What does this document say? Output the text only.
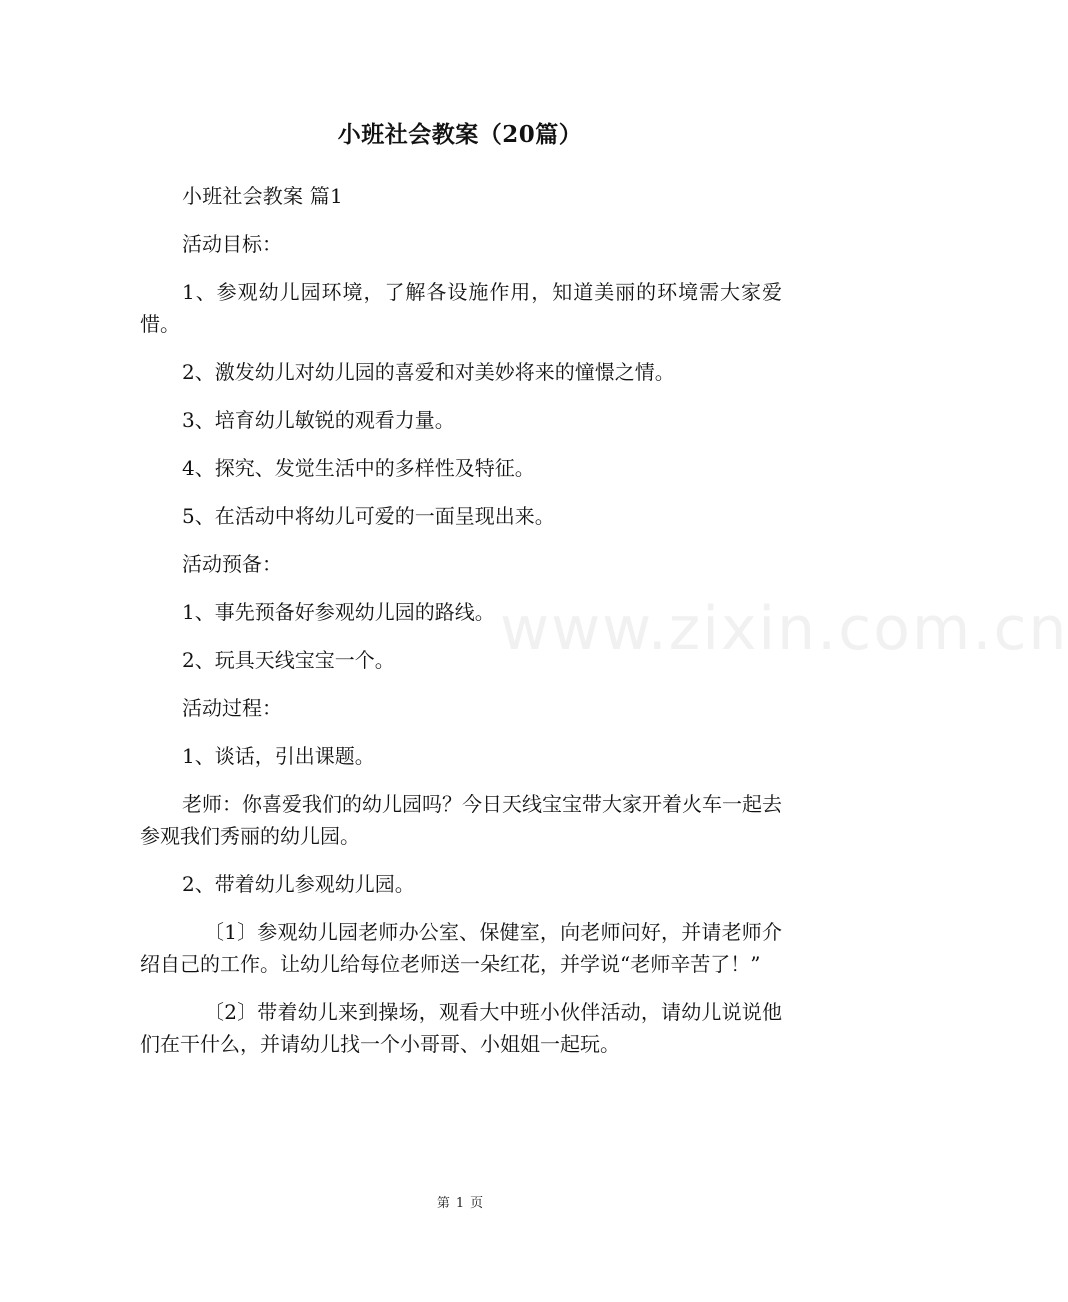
www.zixin.com.cn
小班社会教案（20篇）

小班社会教案 篇1

活动目标：

1、参观幼儿园环境，了解各设施作用，知道美丽的环境需大家爱惜。

2、激发幼儿对幼儿园的喜爱和对美妙将来的憧憬之情。

3、培育幼儿敏锐的观看力量。

4、探究、发觉生活中的多样性及特征。

5、在活动中将幼儿可爱的一面呈现出来。

活动预备：

1、事先预备好参观幼儿园的路线。

2、玩具天线宝宝一个。

活动过程：

1、谈话，引出课题。

老师：你喜爱我们的幼儿园吗？今日天线宝宝带大家开着火车一起去参观我们秀丽的幼儿园。

2、带着幼儿参观幼儿园。

〔1〕参观幼儿园老师办公室、保健室，向老师问好，并请老师介绍自己的工作。让幼儿给每位老师送一朵红花，并学说“老师辛苦了！”

〔2〕带着幼儿来到操场，观看大中班小伙伴活动，请幼儿说说他们在干什么，并请幼儿找一个小哥哥、小姐姐一起玩。

第 1 页
